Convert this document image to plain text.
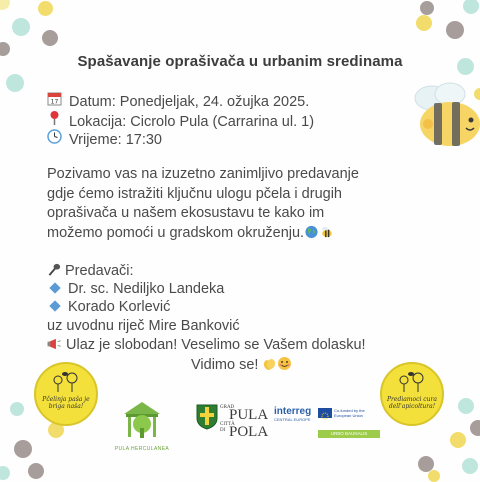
Spašavanje oprašivača u urbanim sredinama
17 Datum: Ponedjeljak, 24. ožujka 2025.
Lokacija: Cicrolo Pula (Carrarina ul. 1)
Vrijeme: 17:30
Pozivamo vas na izuzetno zanimljivo predavanje
gdje ćemo istražiti ključnu ulogu pčela i drugih
oprašivača u našem ekosustavu te kako im
možemo pomoći u gradskom okruženju.
Predavači:
Dr. sc. Nediljko Landeka
Korado Korlević
uz uvodnu riječ Mire Banković
Ulaz je slobodan! Veselimo se Vašem dolasku!
Vidimo se!
Pčelinja paša je briga naša!
PULA HERCULANEA
GRAD
PULA
CITTÀ
DI POLA
interreg
CENTRAL EUROPE
Co-funded by the European Union
URBO BAUNALIS
Prediamoci cura dell'apicoltura!
